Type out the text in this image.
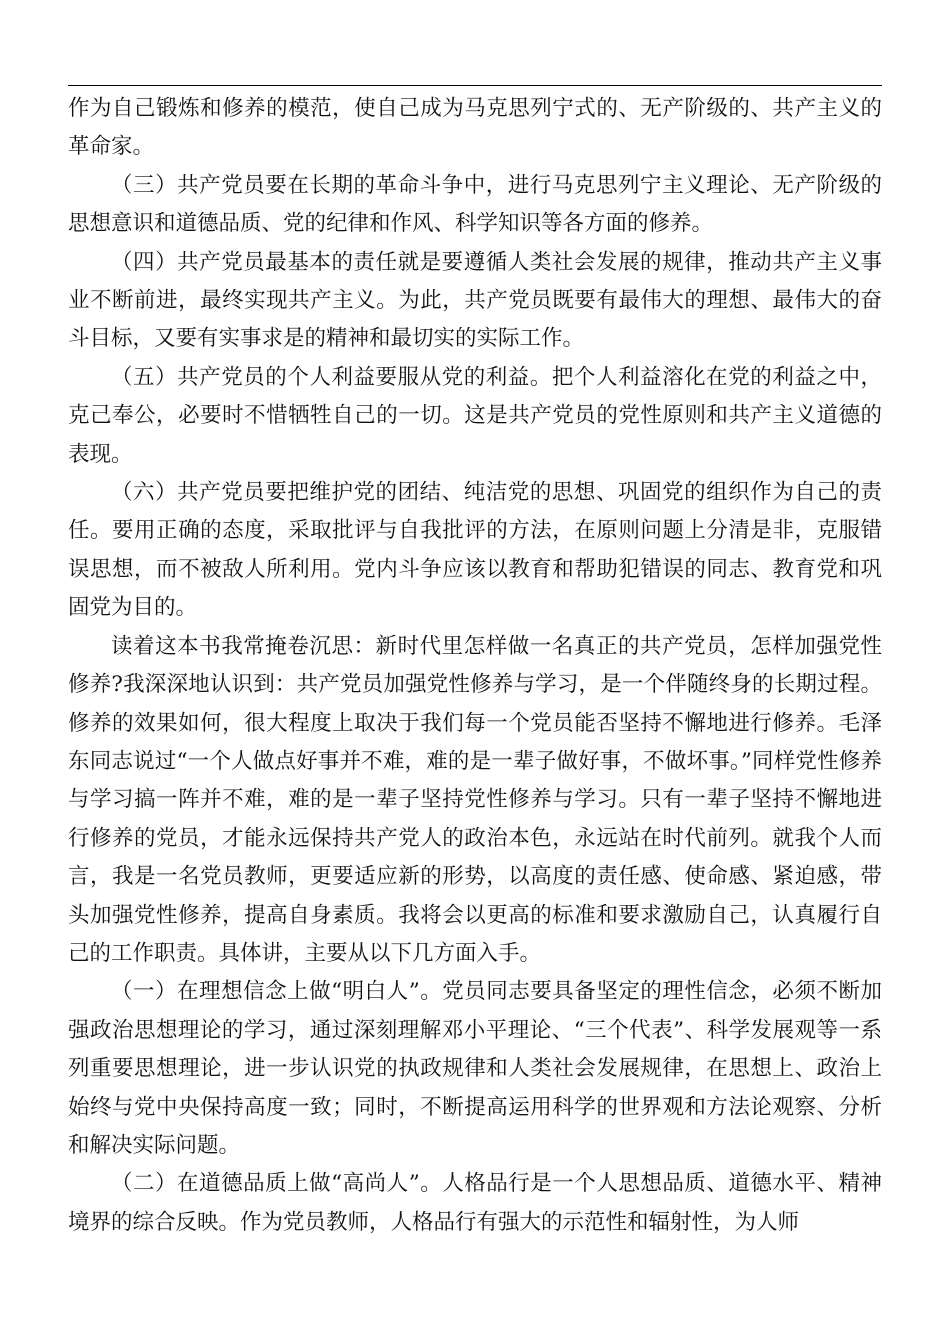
作为自己锻炼和修养的模范，使自己成为马克思列宁式的、无产阶级的、共产主义的革命家。

（三）共产党员要在长期的革命斗争中，进行马克思列宁主义理论、无产阶级的思想意识和道德品质、党的纪律和作风、科学知识等各方面的修养。

（四）共产党员最基本的责任就是要遵循人类社会发展的规律，推动共产主义事业不断前进，最终实现共产主义。为此，共产党员既要有最伟大的理想、最伟大的奋斗目标，又要有实事求是的精神和最切实的实际工作。

（五）共产党员的个人利益要服从党的利益。把个人利益溶化在党的利益之中，克己奉公，必要时不惜牺牲自己的一切。这是共产党员的党性原则和共产主义道德的表现。

（六）共产党员要把维护党的团结、纯洁党的思想、巩固党的组织作为自己的责任。要用正确的态度，采取批评与自我批评的方法，在原则问题上分清是非，克服错误思想，而不被敌人所利用。党内斗争应该以教育和帮助犯错误的同志、教育党和巩固党为目的。

读着这本书我常掩卷沉思：新时代里怎样做一名真正的共产党员，怎样加强党性修养?我深深地认识到：共产党员加强党性修养与学习，是一个伴随终身的长期过程。修养的效果如何，很大程度上取决于我们每一个党员能否坚持不懈地进行修养。毛泽东同志说过“一个人做点好事并不难，难的是一辈子做好事，不做坏事。”同样党性修养与学习搞一阵并不难，难的是一辈子坚持党性修养与学习。只有一辈子坚持不懈地进行修养的党员，才能永远保持共产党人的政治本色，永远站在时代前列。就我个人而言，我是一名党员教师，更要适应新的形势，以高度的责任感、使命感、紧迫感，带头加强党性修养，提高自身素质。我将会以更高的标准和要求激励自己，认真履行自己的工作职责。具体讲，主要从以下几方面入手。

（一）在理想信念上做“明白人”。党员同志要具备坚定的理性信念，必须不断加强政治思想理论的学习，通过深刻理解邓小平理论、“三个代表”、科学发展观等一系列重要思想理论，进一步认识党的执政规律和人类社会发展规律，在思想上、政治上始终与党中央保持高度一致；同时，不断提高运用科学的世界观和方法论观察、分析和解决实际问题。

（二）在道德品质上做“高尚人”。人格品行是一个人思想品质、道德水平、精神境界的综合反映。作为党员教师，人格品行有强大的示范性和辐射性，为人师
